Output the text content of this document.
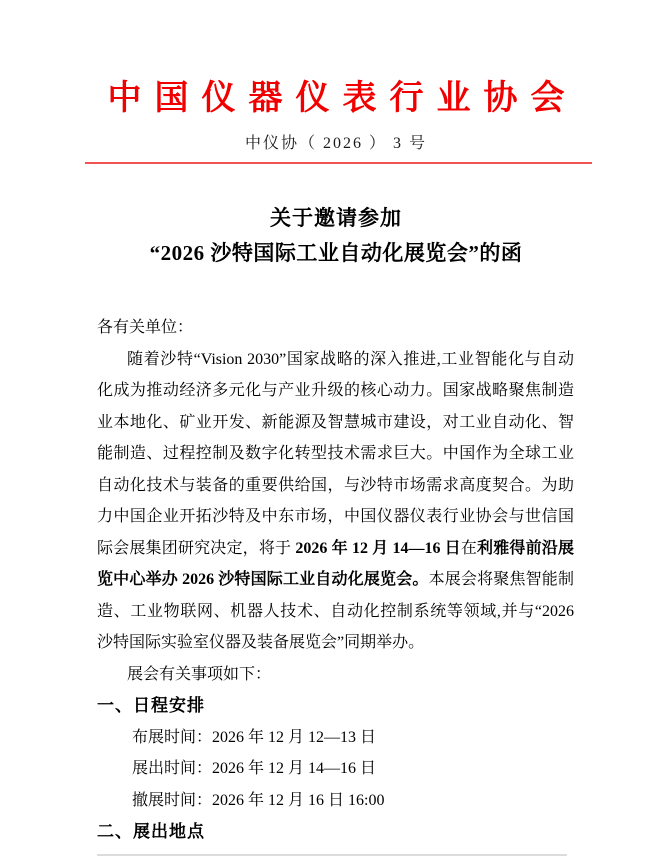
中国仪器仪表行业协会
中仪协（ 2026 ） 3 号
关于邀请参加
“2026 沙特国际工业自动化展览会”的函

各有关单位：

随着沙特“Vision 2030”国家战略的深入推进,工业智能化与自动化成为推动经济多元化与产业升级的核心动力。国家战略聚焦制造业本地化、矿业开发、新能源及智慧城市建设，对工业自动化、智能制造、过程控制及数字化转型技术需求巨大。中国作为全球工业自动化技术与装备的重要供给国，与沙特市场需求高度契合。为助力中国企业开拓沙特及中东市场，中国仪器仪表行业协会与世信国际会展集团研究决定，将于 2026 年 12 月 14—16 日在利雅得前沿展览中心举办 2026 沙特国际工业自动化展览会。本展会将聚焦智能制造、工业物联网、机器人技术、自动化控制系统等领域,并与“2026 沙特国际实验室仪器及装备展览会”同期举办。

展会有关事项如下：

一、日程安排

布展时间：2026 年 12 月 12—13 日

展出时间：2026 年 12 月 14—16 日

撤展时间：2026 年 12 月 16 日 16:00

二、展出地点
